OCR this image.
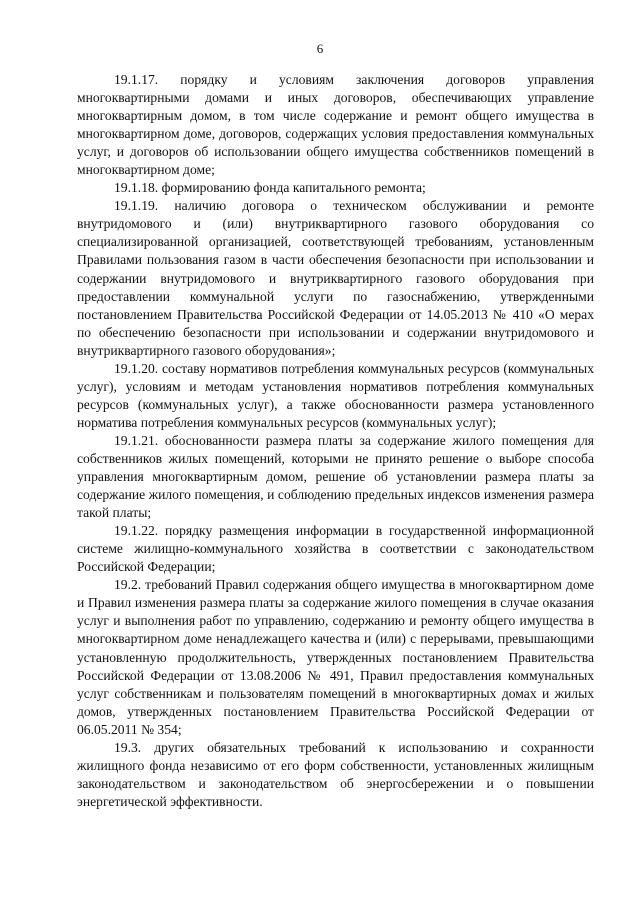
6

19.1.17. порядку и условиям заключения договоров управления многоквартирными домами и иных договоров, обеспечивающих управление многоквартирным домом, в том числе содержание и ремонт общего имущества в многоквартирном доме, договоров, содержащих условия предоставления коммунальных услуг, и договоров об использовании общего имущества собственников помещений в многоквартирном доме;

19.1.18. формированию фонда капитального ремонта;

19.1.19. наличию договора о техническом обслуживании и ремонте внутридомового и (или) внутриквартирного газового оборудования со специализированной организацией, соответствующей требованиям, установленным Правилами пользования газом в части обеспечения безопасности при использовании и содержании внутридомового и внутриквартирного газового оборудования при предоставлении коммунальной услуги по газоснабжению, утвержденными постановлением Правительства Российской Федерации от 14.05.2013 № 410 «О мерах по обеспечению безопасности при использовании и содержании внутридомового и внутриквартирного газового оборудования»;

19.1.20. составу нормативов потребления коммунальных ресурсов (коммунальных услуг), условиям и методам установления нормативов потребления коммунальных ресурсов (коммунальных услуг), а также обоснованности размера установленного норматива потребления коммунальных ресурсов (коммунальных услуг);

19.1.21. обоснованности размера платы за содержание жилого помещения для собственников жилых помещений, которыми не принято решение о выборе способа управления многоквартирным домом, решение об установлении размера платы за содержание жилого помещения, и соблюдению предельных индексов изменения размера такой платы;

19.1.22. порядку размещения информации в государственной информационной системе жилищно-коммунального хозяйства в соответствии с законодательством Российской Федерации;

19.2. требований Правил содержания общего имущества в многоквартирном доме и Правил изменения размера платы за содержание жилого помещения в случае оказания услуг и выполнения работ по управлению, содержанию и ремонту общего имущества в многоквартирном доме ненадлежащего качества и (или) с перерывами, превышающими установленную продолжительность, утвержденных постановлением Правительства Российской Федерации от 13.08.2006 № 491, Правил предоставления коммунальных услуг собственникам и пользователям помещений в многоквартирных домах и жилых домов, утвержденных постановлением Правительства Российской Федерации от 06.05.2011 № 354;

19.3. других обязательных требований к использованию и сохранности жилищного фонда независимо от его форм собственности, установленных жилищным законодательством и законодательством об энергосбережении и о повышении энергетической эффективности.
